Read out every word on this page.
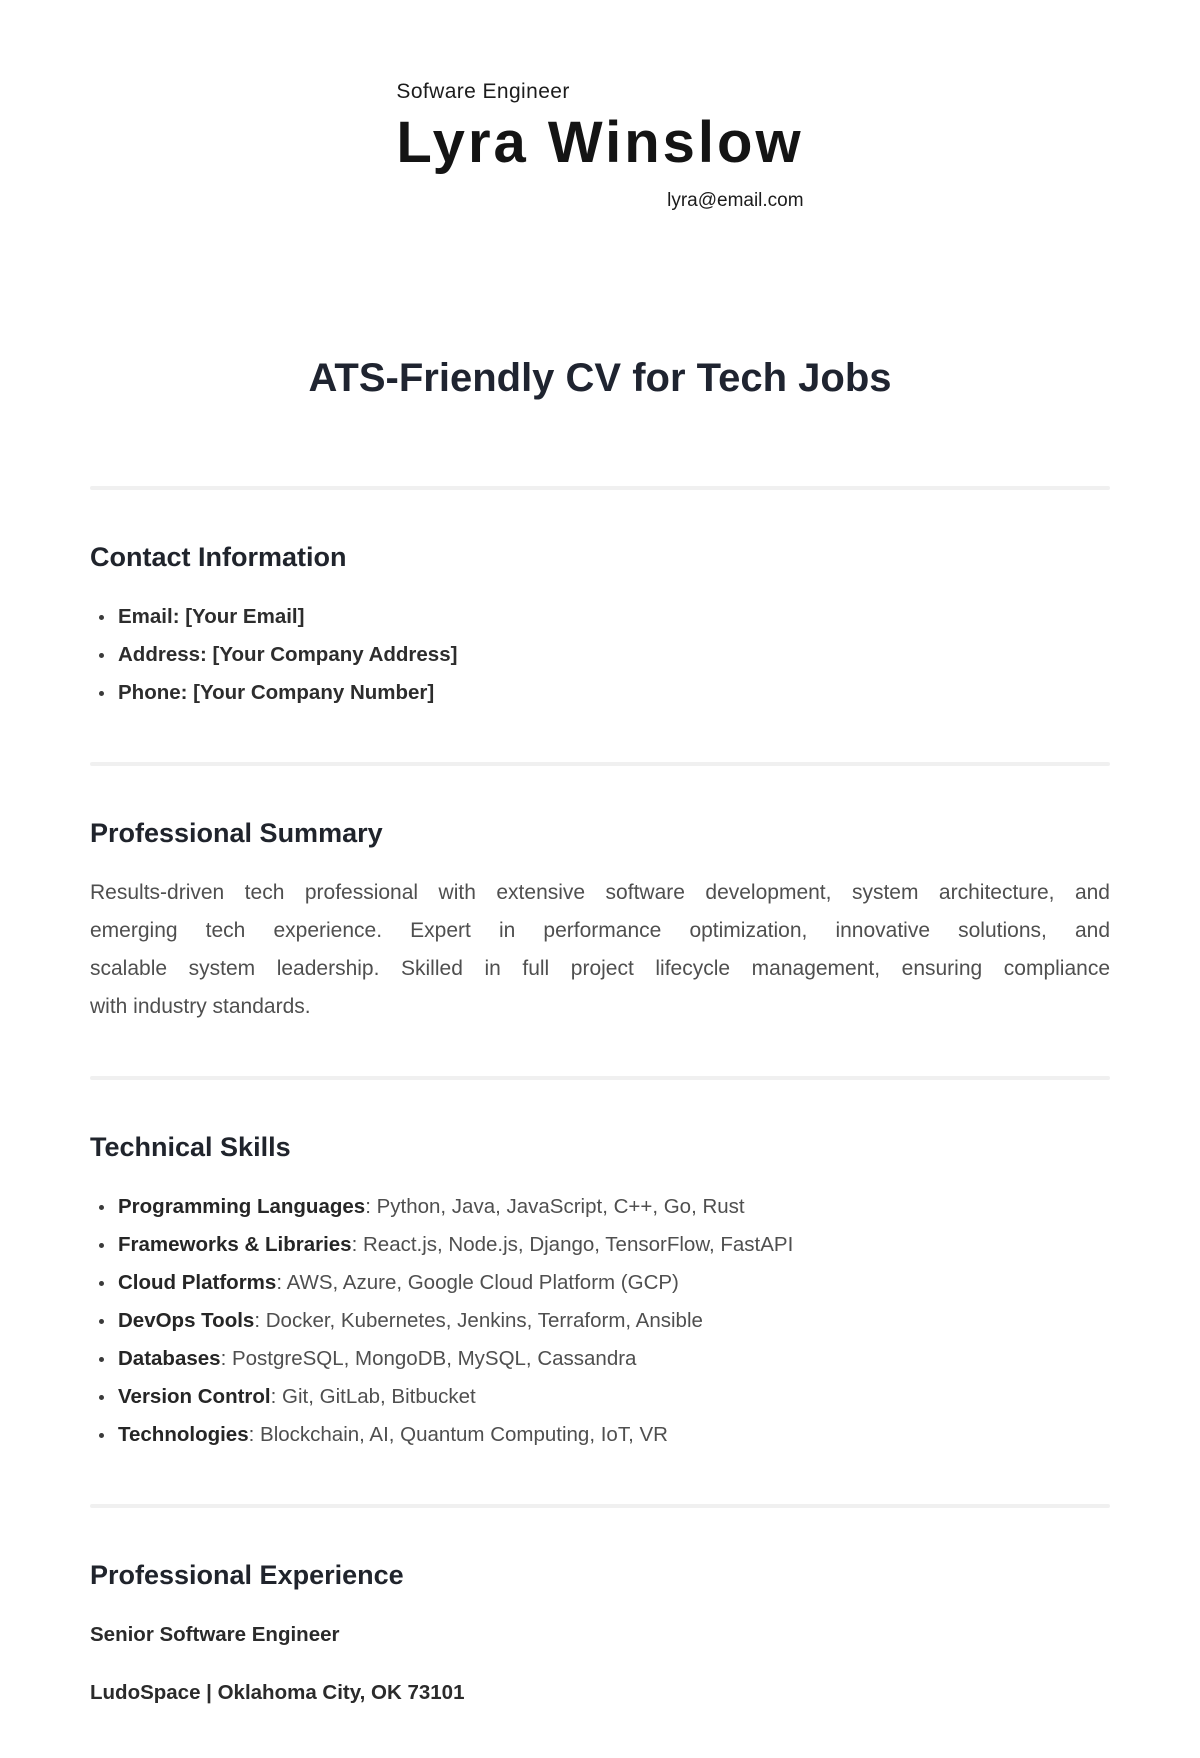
Sofware Engineer
Lyra Winslow
lyra@email.com
ATS-Friendly CV for Tech Jobs
Contact Information
Email: [Your Email]
Address: [Your Company Address]
Phone: [Your Company Number]
Professional Summary
Results-driven tech professional with extensive software development, system architecture, and
emerging tech experience. Expert in performance optimization, innovative solutions, and
scalable system leadership. Skilled in full project lifecycle management, ensuring compliance
with industry standards.
Technical Skills
Programming Languages: Python, Java, JavaScript, C++, Go, Rust
Frameworks & Libraries: React.js, Node.js, Django, TensorFlow, FastAPI
Cloud Platforms: AWS, Azure, Google Cloud Platform (GCP)
DevOps Tools: Docker, Kubernetes, Jenkins, Terraform, Ansible
Databases: PostgreSQL, MongoDB, MySQL, Cassandra
Version Control: Git, GitLab, Bitbucket
Technologies: Blockchain, AI, Quantum Computing, IoT, VR
Professional Experience
Senior Software Engineer
LudoSpace | Oklahoma City, OK 73101
